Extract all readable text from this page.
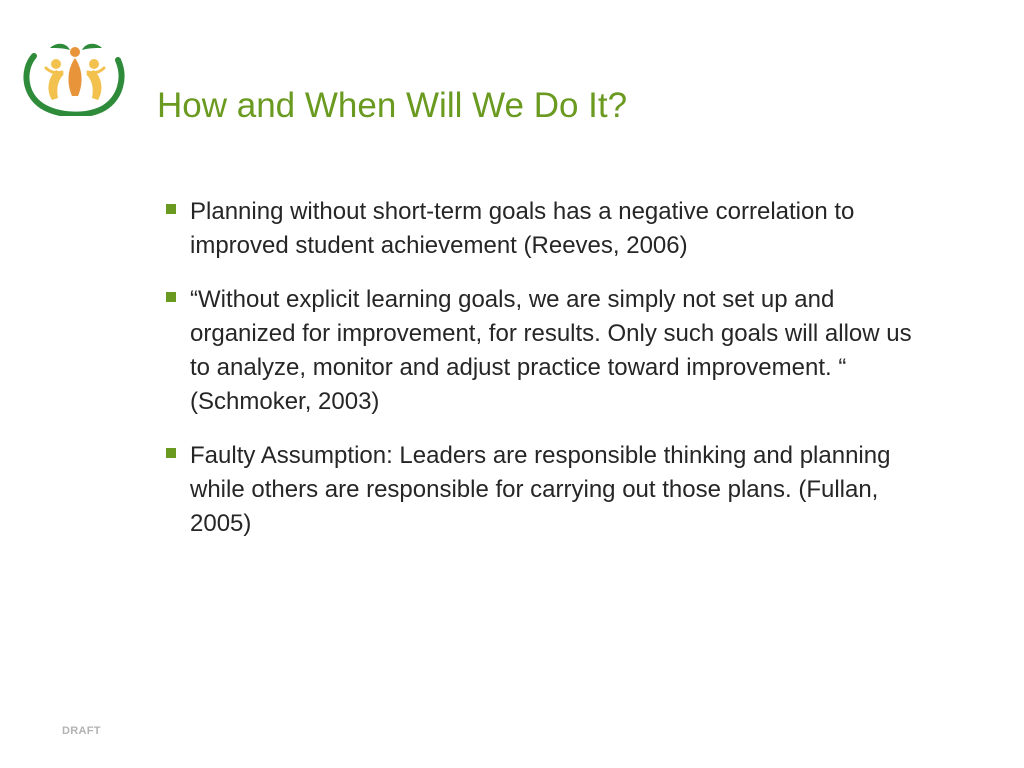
How and When Will We Do It?
Planning without short-term goals has a negative correlation to improved student achievement (Reeves, 2006)
“Without explicit learning goals, we are simply not set up and organized for improvement, for results. Only such goals will allow us to analyze, monitor and adjust practice toward improvement. “ (Schmoker, 2003)
Faulty Assumption: Leaders are responsible thinking and planning while others are responsible for carrying out those plans. (Fullan, 2005)
DRAFT
